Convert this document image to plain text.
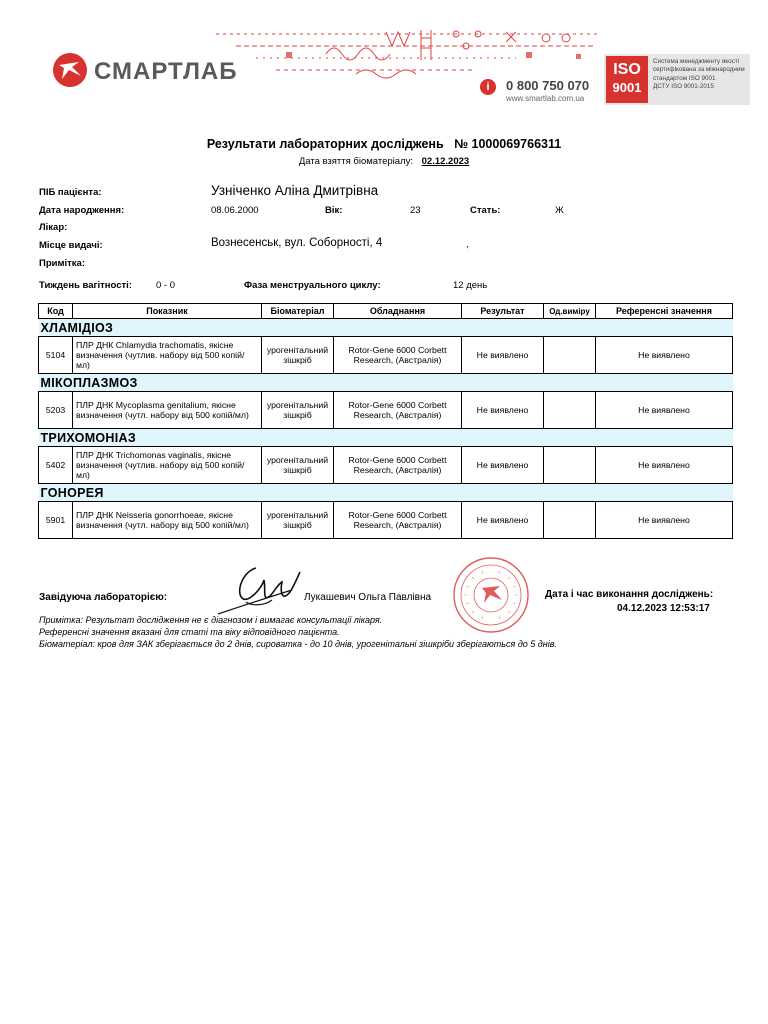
СМАРТЛАБ
i	0 800 750 070
www.smartlab.com.ua
ISO
9001
Система менеджменту якості сертифікована за міжнародним стандартом ISO 9001
ДСТУ ISO 9001-2015
Результати лабораторних досліджень № 1000069766311
Дата взяття біоматеріалу: 02.12.2023
ПІБ пацієнта:	Узніченко Аліна Дмитрівна
Дата народження:	08.06.2000	Вік:	23	Стать:	Ж
Лікар:
Місце видачі:	Вознесенськ, вул. Соборності, 4	,
Примітка:
Тиждень вагітності:	0 - 0	Фаза менструального циклу:	12 день
Код	Показник	Біоматеріал	Обладнання	Результат	Од.виміру	Референсні значення
ХЛАМІДІОЗ						
5104	ПЛР ДНК Chlamydia trachomatis, якісне визначення (чутлив. набору від 500 копій/мл)	урогенітальний зішкріб	Rotor-Gene 6000 Corbett Research, (Австралія)	Не виявлено		Не виявлено
МІКОПЛАЗМОЗ						
5203	ПЛР ДНК Mycoplasma genitalium, якісне визначення (чутл. набору від 500 копій/мл)	урогенітальний зішкріб	Rotor-Gene 6000 Corbett Research, (Австралія)	Не виявлено		Не виявлено
ТРИХОМОНІАЗ						
5402	ПЛР ДНК Trichomonas vaginalis, якісне визначення (чутлив. набору від 500 копій/мл)	урогенітальний зішкріб	Rotor-Gene 6000 Corbett Research, (Австралія)	Не виявлено		Не виявлено
ГОНОРЕЯ						
5901	ПЛР ДНК Neisseria gonorrhoeae, якісне визначення (чутл. набору від 500 копій/мл)	урогенітальний зішкріб	Rotor-Gene 6000 Corbett Research, (Австралія)	Не виявлено		Не виявлено
Завідуюча лабораторією:	Лукашевич Ольга Павлівна	Дата і час виконання досліджень:
04.12.2023 12:53:17
Примітка: Результат дослідження не є діагнозом і вимагає консультації лікаря.
Референсні значення вказані для статі та віку відповідного пацієнта.
Біоматеріал: кров для ЗАК зберігається до 2 днів, сироватка - до 10 днів, урогенітальні зішкріби зберігаються до 5 днів.
